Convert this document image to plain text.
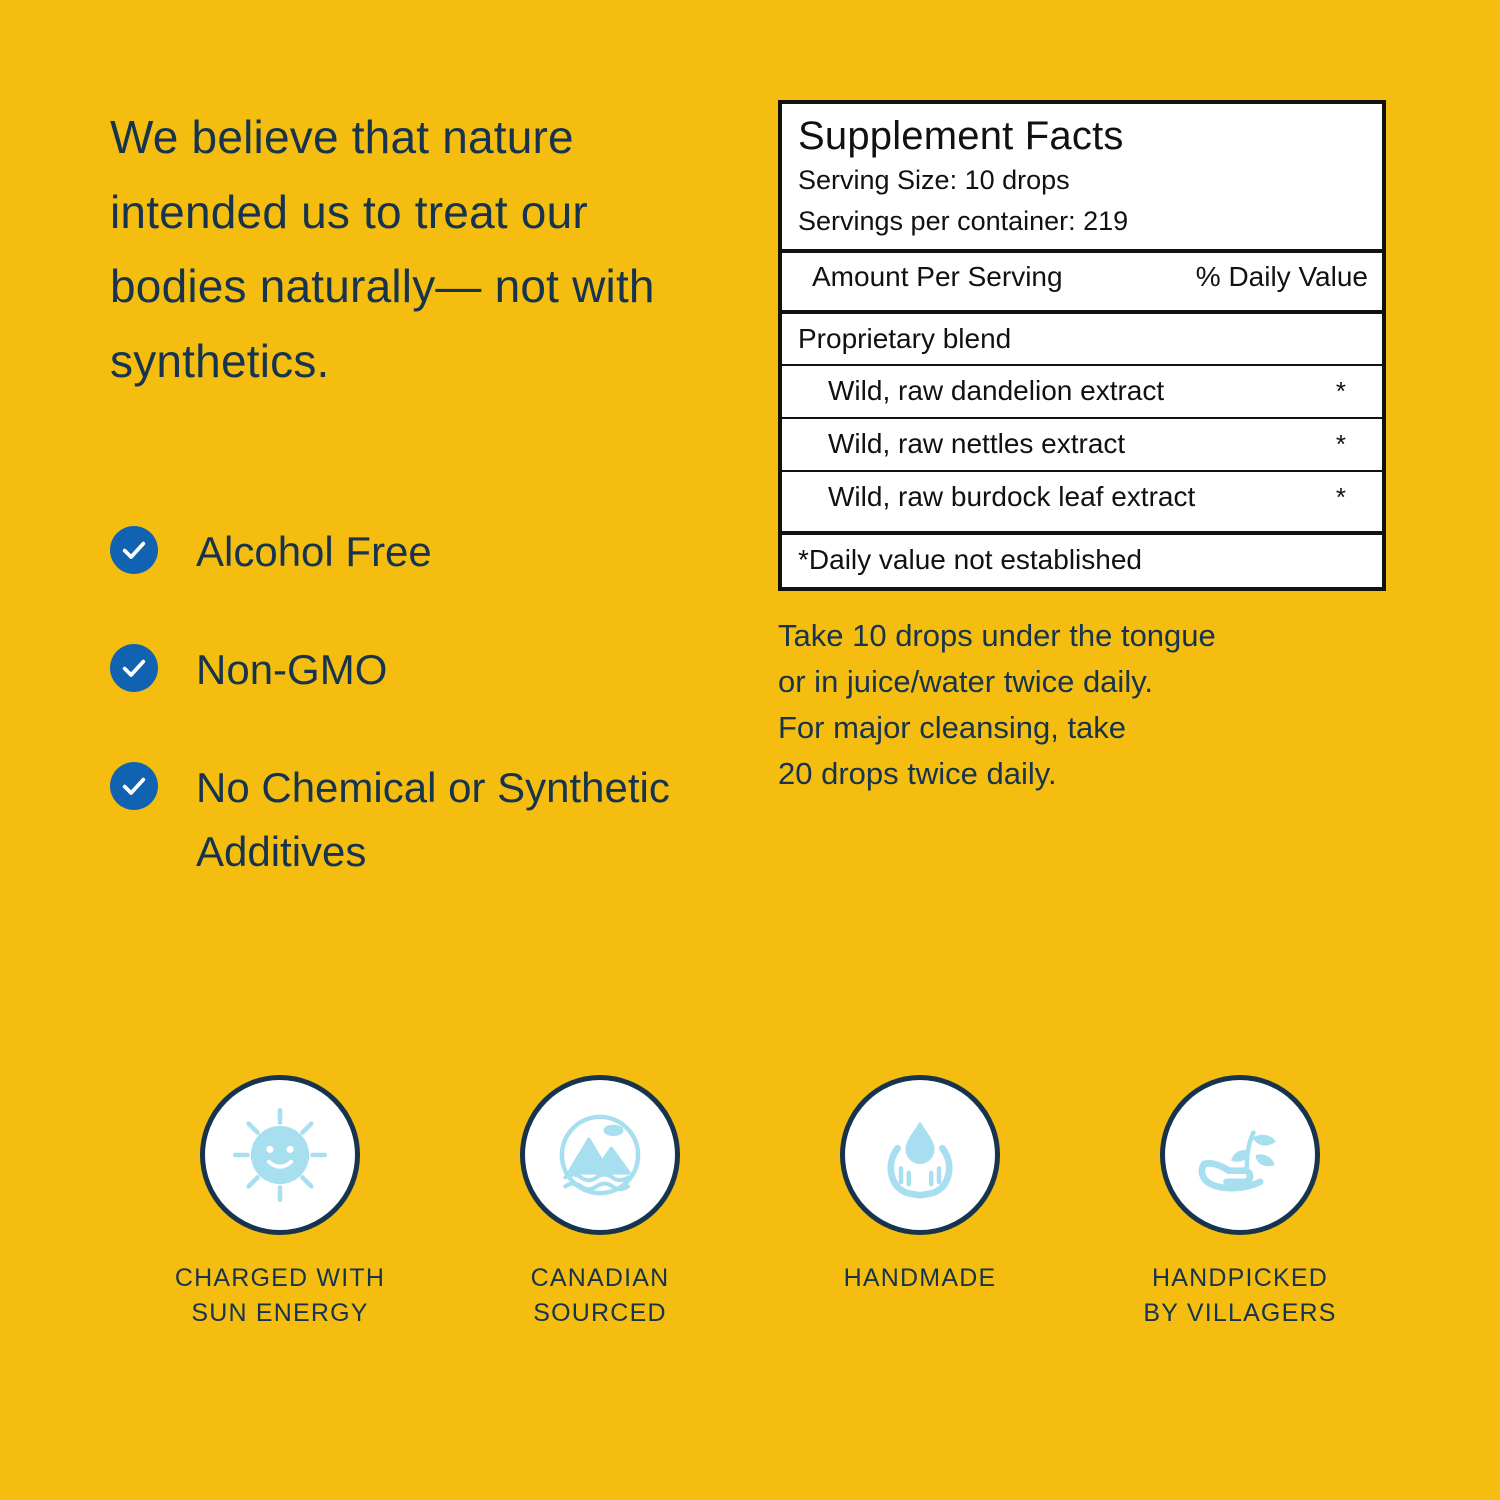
We believe that nature intended us to treat our bodies naturally— not with synthetics.
Alcohol Free
Non-GMO
No Chemical or Synthetic Additives
Supplement Facts
Serving Size: 10 drops
Servings per container: 219
Amount Per Serving	% Daily Value
Proprietary blend
Wild, raw dandelion extract	*
Wild, raw nettles extract	*
Wild, raw burdock leaf extract	*
*Daily value not established
Take 10 drops under the tongue
or in juice/water twice daily.
For major cleansing, take
20 drops twice daily.
CHARGED WITH
SUN ENERGY
CANADIAN
SOURCED
HANDMADE	HANDPICKED
BY VILLAGERS
